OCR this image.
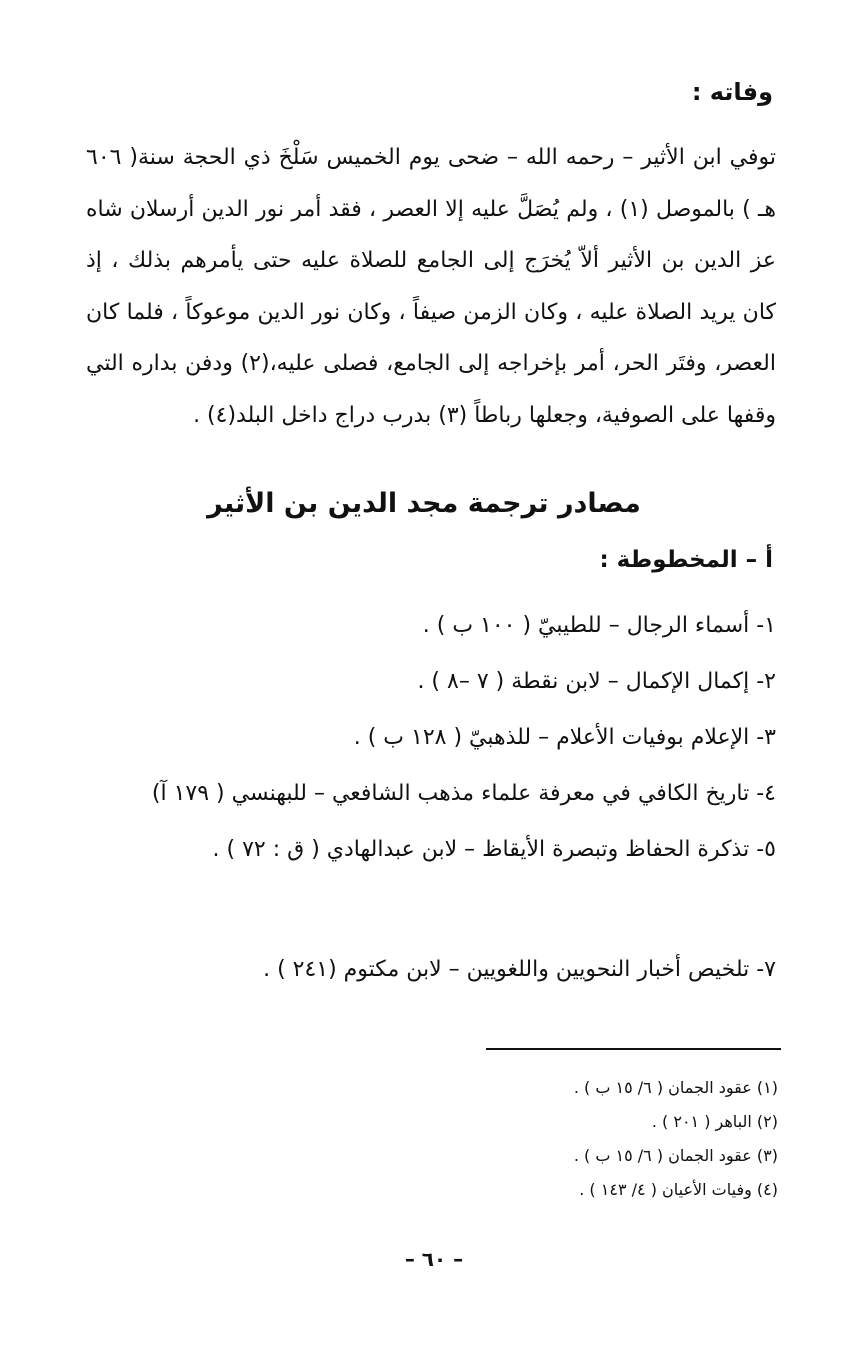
وفاته :

توفي ابن الأثير – رحمه الله – ضحى يوم الخميس سَلْخَ ذي الحجة سنة( ٦٠٦ هـ ) بالموصل (١) ، ولم يُصَلَّ عليه إلا العصر ، فقد أمر نور الدين أرسلان شاه عز الدين بن الأثير ألاّ يُخرَج إلى الجامع للصلاة عليه حتى يأمرهم بذلك ، إذ كان يريد الصلاة عليه ، وكان الزمن صيفاً ، وكان نور الدين موعوكاً ، فلما كان العصر، وفتَر الحر، أمر بإخراجه إلى الجامع، فصلى عليه،(٢) ودفن بداره التي وقفها على الصوفية، وجعلها رباطاً (٣) بدرب دراج داخل البلد(٤) .

مصادر ترجمة مجد الدين بن الأثير
أ – المخطوطة :
١- أسماء الرجال – للطيبيّ ( ١٠٠ ب ) .
٢- إكمال الإكمال – لابن نقطة ( ٧ –٨ ) .
٣- الإعلام بوفيات الأعلام – للذهبيّ ( ١٢٨ ب ) .
٤- تاريخ الكافي في معرفة علماء مذهب الشافعي – للبهنسي ( ١٧٩ آ)
٥- تذكرة الحفاظ وتبصرة الأيقاظ – لابن عبدالهادي ( ق : ٧٢ ) .
٧- تلخيص أخبار النحويين واللغويين – لابن مكتوم (٢٤١ ) .
(١) عقود الجمان ( ٦/ ١٥ ب ) .
(٢) الباهر ( ٢٠١ ) .
(٣) عقود الجمان ( ٦/ ١٥ ب ) .
(٤) وفيات الأعيان ( ٤/ ١٤٣ ) .
– ٦٠ –
